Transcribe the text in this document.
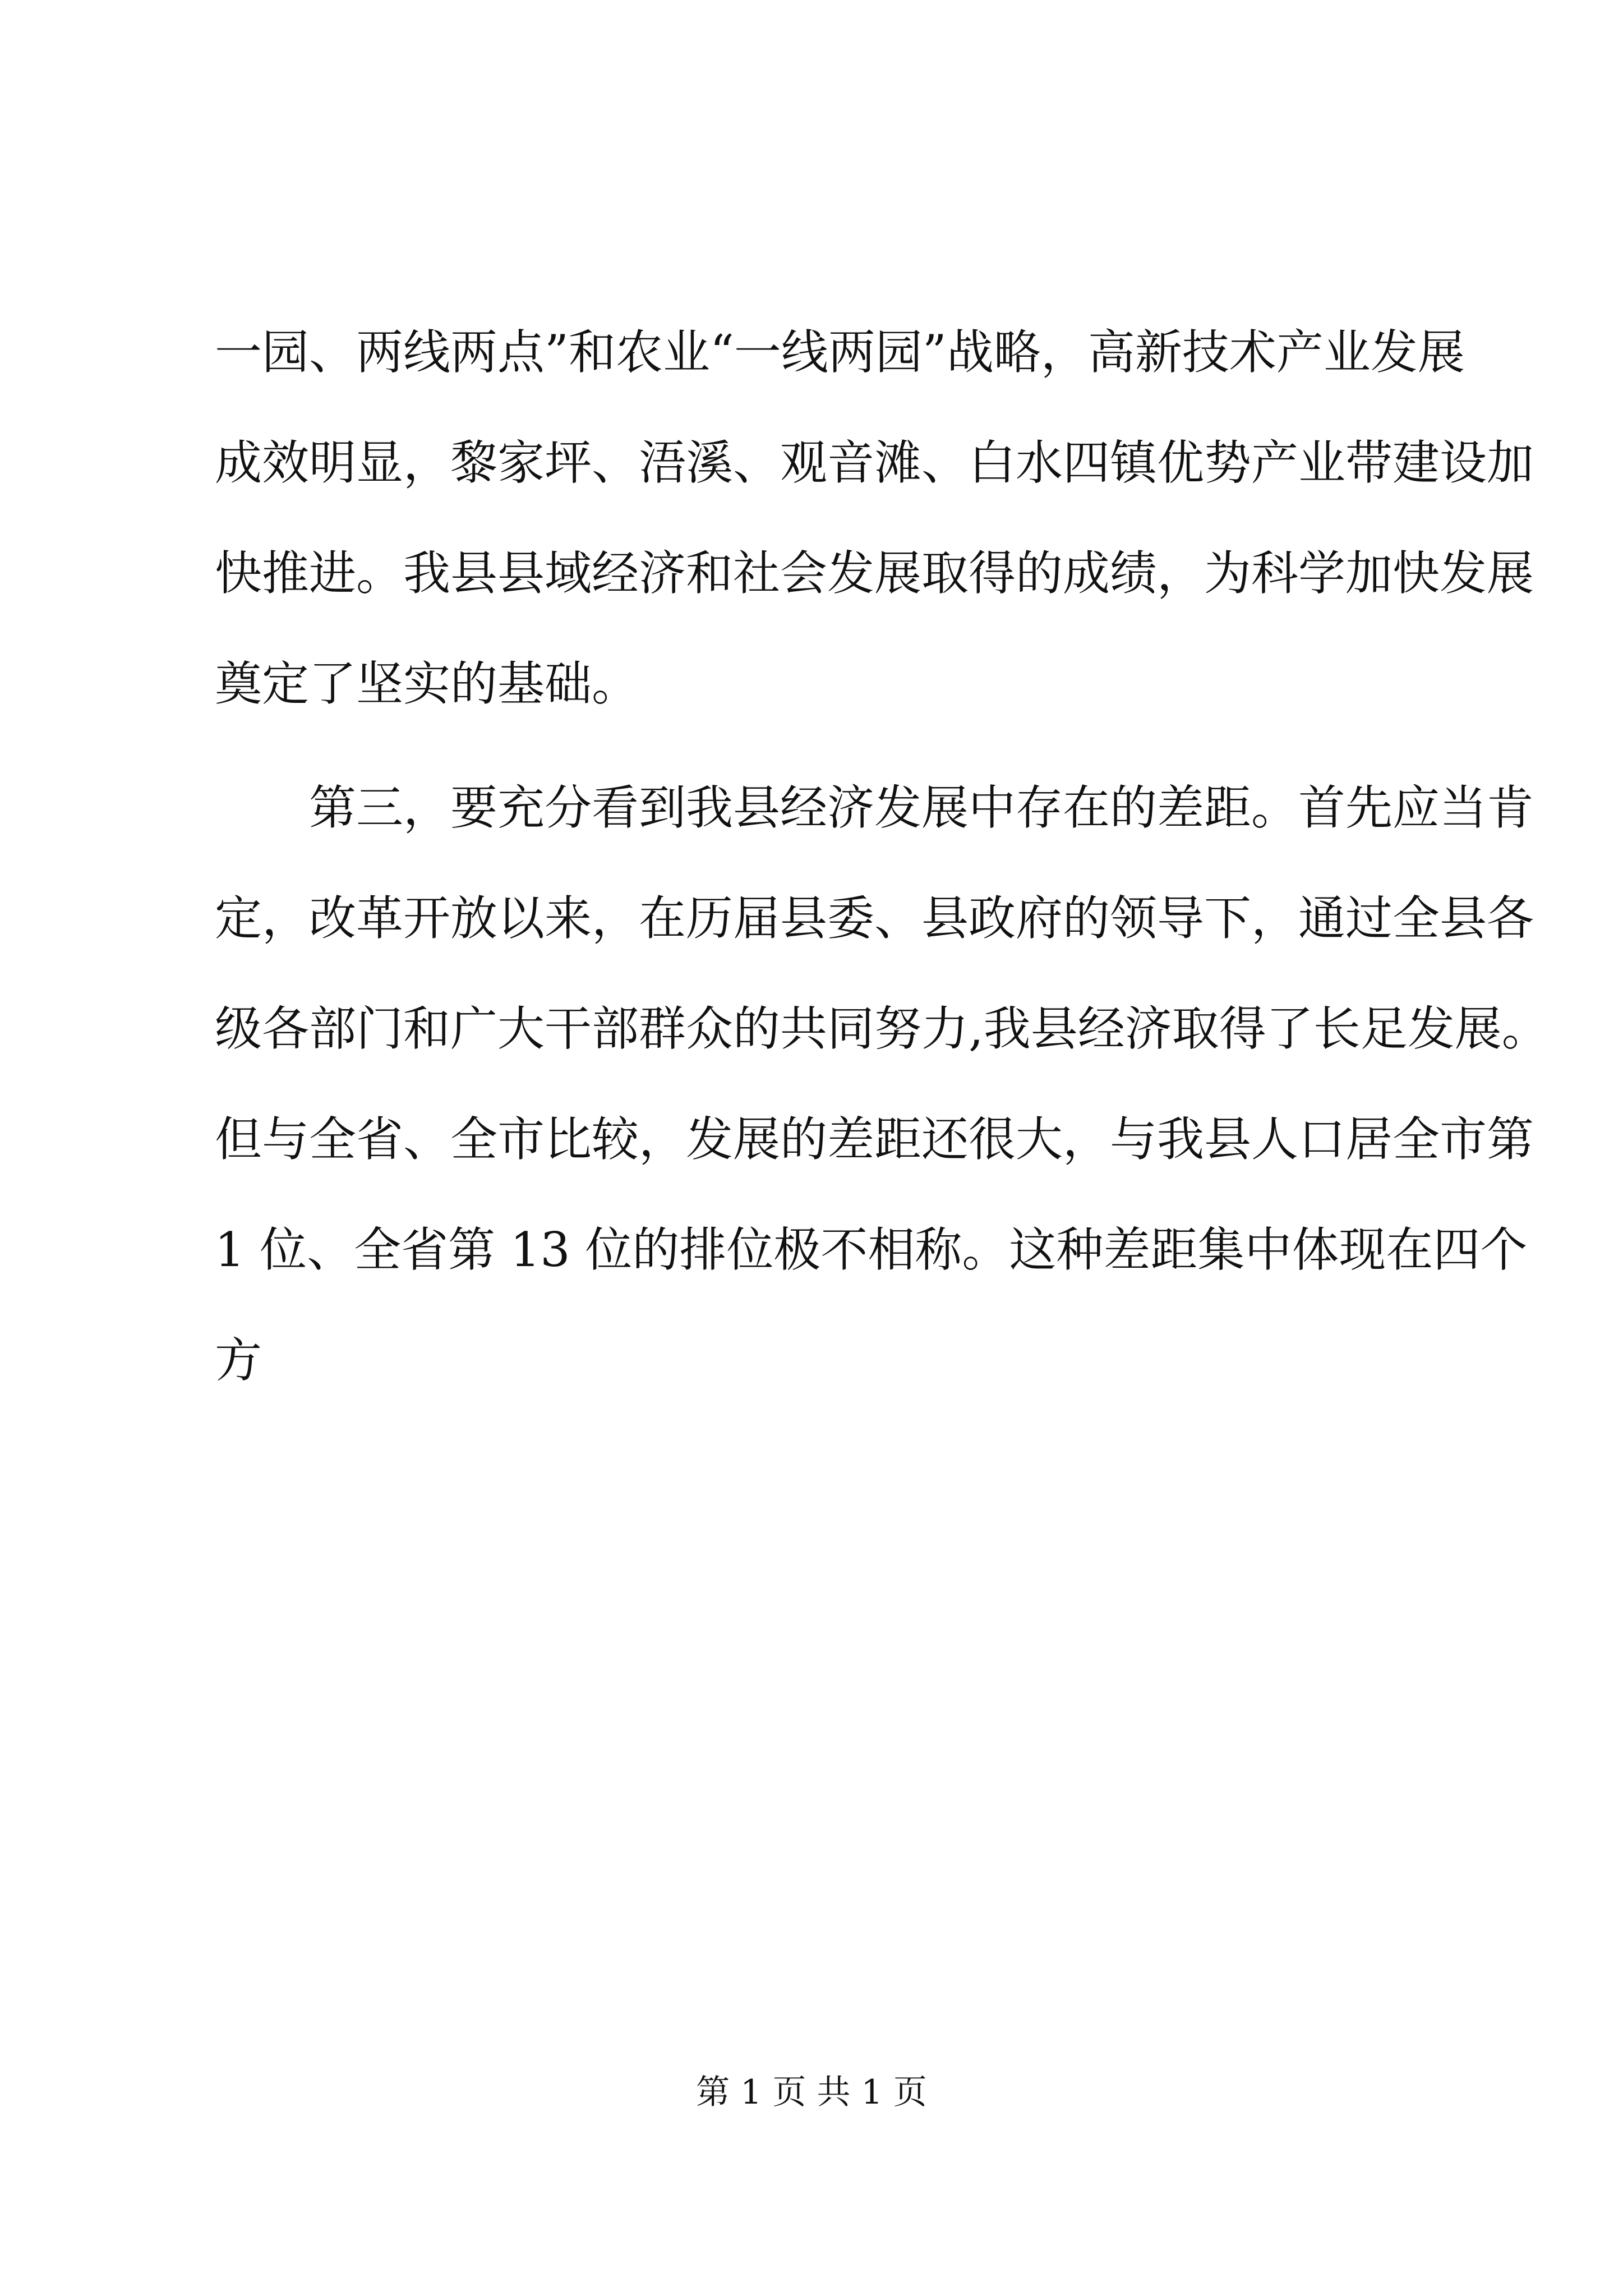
一园、两线两点”和农业“一线两园”战略，高新技术产业发展
成效明显，黎家坪、浯溪、观音滩、白水四镇优势产业带建设加
快推进。我县县域经济和社会发展取得的成绩，为科学加快发展
奠定了坚实的基础。
第三，要充分看到我县经济发展中存在的差距。首先应当肯
定，改革开放以来，在历届县委、县政府的领导下，通过全县各
级各部门和广大干部群众的共同努力,我县经济取得了长足发展。
但与全省、全市比较，发展的差距还很大，与我县人口居全市第
1 位、全省第 13 位的排位极不相称。这种差距集中体现在四个
方
第 1 页 共 1 页
